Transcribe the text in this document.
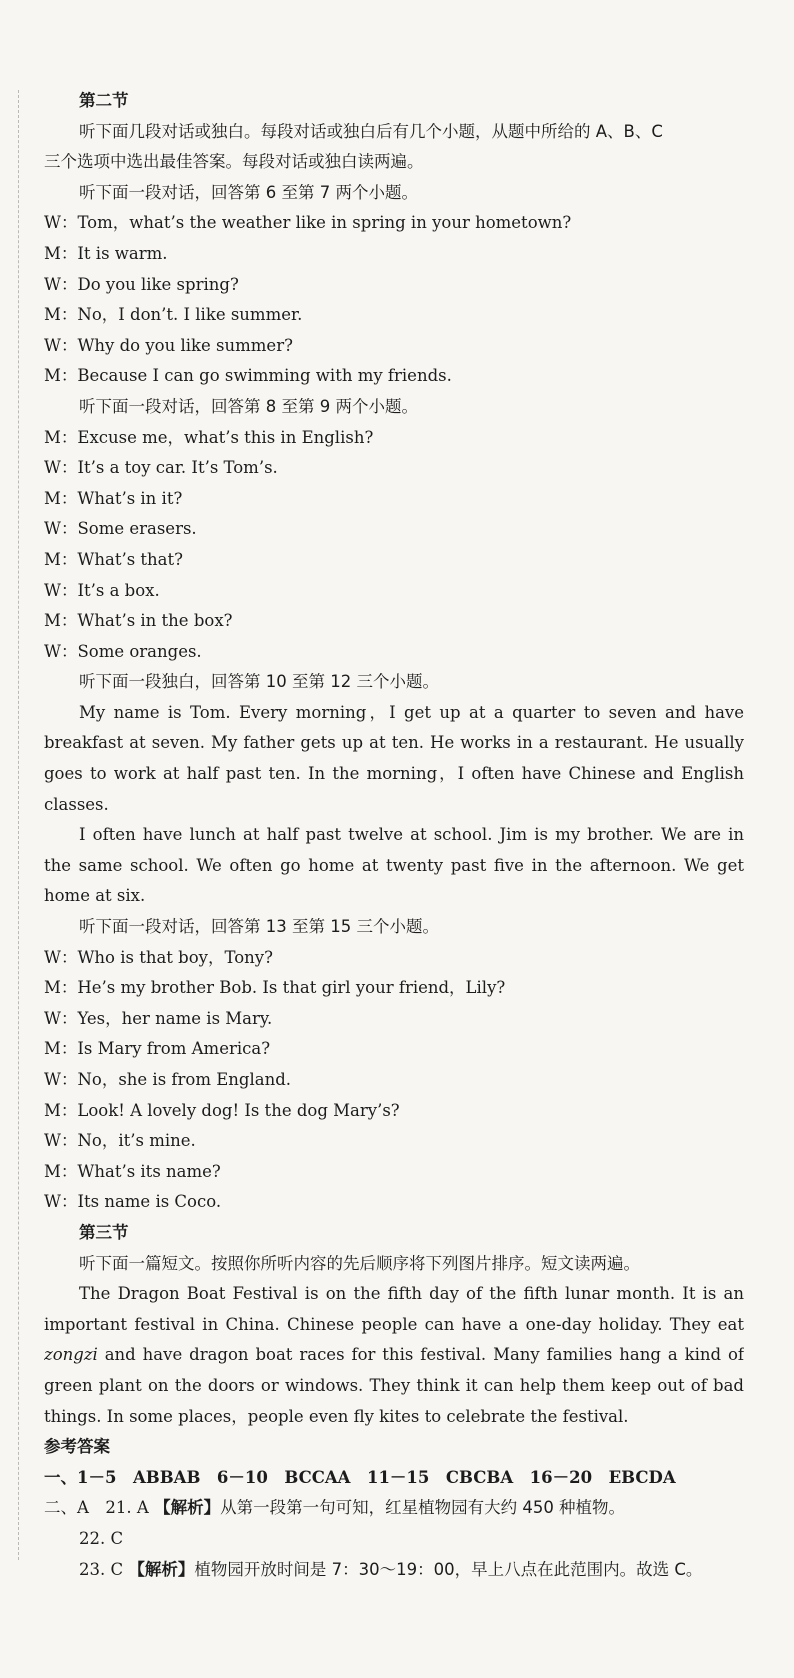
第二节
听下面几段对话或独白。每段对话或独白后有几个小题，从题中所给的 A、B、C
三个选项中选出最佳答案。每段对话或独白读两遍。
听下面一段对话，回答第 6 至第 7 两个小题。
W：Tom，what’s the weather like in spring in your hometown?
M：It is warm.
W：Do you like spring?
M：No，I don’t. I like summer.
W：Why do you like summer?
M：Because I can go swimming with my friends.
听下面一段对话，回答第 8 至第 9 两个小题。
M：Excuse me，what’s this in English?
W：It’s a toy car. It’s Tom’s.
M：What’s in it?
W：Some erasers.
M：What’s that?
W：It’s a box.
M：What’s in the box?
W：Some oranges.
听下面一段独白，回答第 10 至第 12 三个小题。
My name is Tom. Every morning，I get up at a quarter to seven and have
breakfast at seven. My father gets up at ten. He works in a restaurant. He usually
goes to work at half past ten. In the morning，I often have Chinese and English
classes.
I often have lunch at half past twelve at school. Jim is my brother. We are in
the same school. We often go home at twenty past five in the afternoon. We get
home at six.
听下面一段对话，回答第 13 至第 15 三个小题。
W：Who is that boy，Tony?
M：He’s my brother Bob. Is that girl your friend，Lily?
W：Yes，her name is Mary.
M：Is Mary from America?
W：No，she is from England.
M：Look! A lovely dog! Is the dog Mary’s?
W：No，it’s mine.
M：What’s its name?
W：Its name is Coco.
第三节
听下面一篇短文。按照你所听内容的先后顺序将下列图片排序。短文读两遍。
The Dragon Boat Festival is on the fifth day of the fifth lunar month. It is an
important festival in China. Chinese people can have a one-day holiday. They eat
zongzi and have dragon boat races for this festival. Many families hang a kind of
green plant on the doors or windows. They think it can help them keep out of bad
things. In some places，people even fly kites to celebrate the festival.
参考答案
一、1－5　ABBAB　6－10　BCCAA　11－15　CBCBA　16－20　EBCDA
二、A　21. A 【解析】从第一段第一句可知，红星植物园有大约 450 种植物。
22. C
23. C 【解析】植物园开放时间是 7：30～19：00，早上八点在此范围内。故选 C。
